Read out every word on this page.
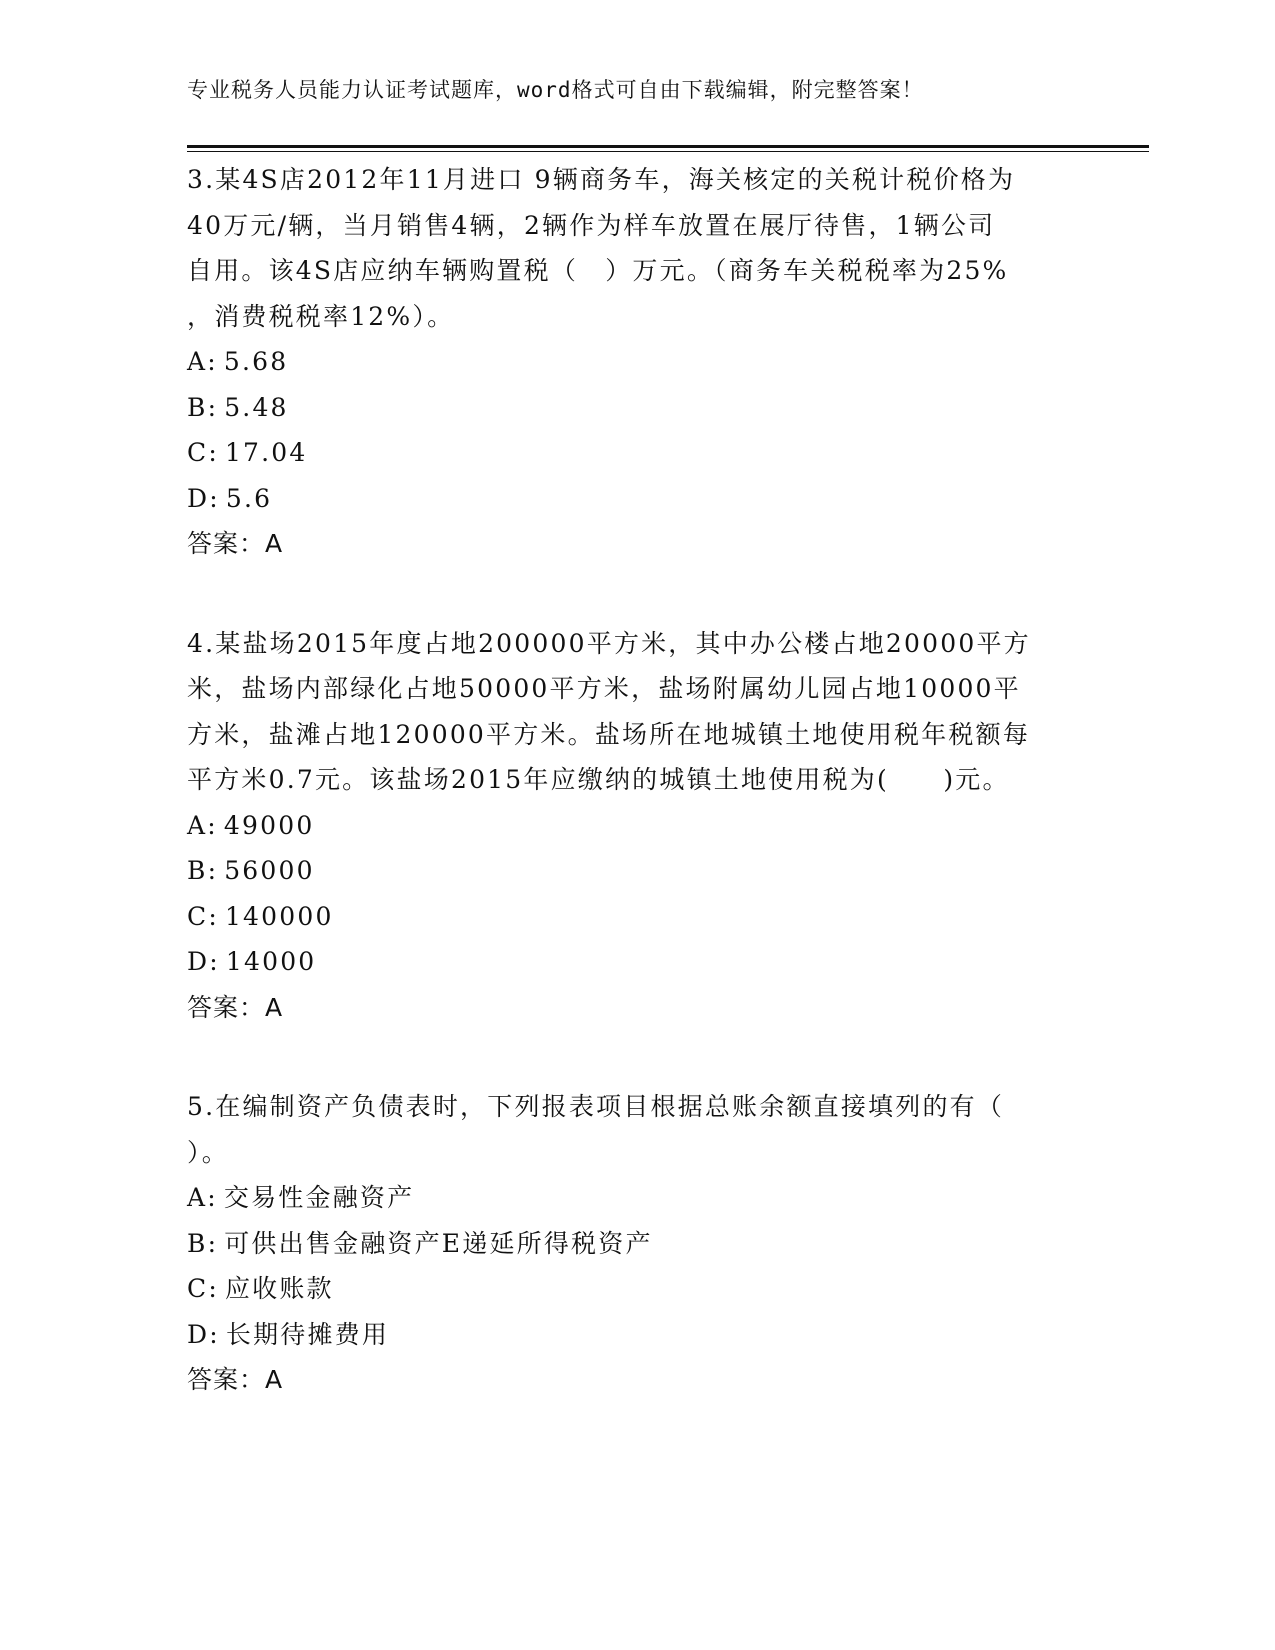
专业税务人员能力认证考试题库，word格式可自由下载编辑，附完整答案！

3.某4S店2012年11月进口 9辆商务车，海关核定的关税计税价格为
40万元/辆，当月销售4辆，2辆作为样车放置在展厅待售，1辆公司
自用。该4S店应纳车辆购置税（　）万元。（商务车关税税率为25%
，消费税税率12%）。

A: 5.68

B: 5.48

C: 17.04

D: 5.6

答案：A

4.某盐场2015年度占地200000平方米，其中办公楼占地20000平方
米，盐场内部绿化占地50000平方米，盐场附属幼儿园占地10000平
方米，盐滩占地120000平方米。盐场所在地城镇土地使用税年税额每
平方米0.7元。该盐场2015年应缴纳的城镇土地使用税为(　　)元。

A: 49000

B: 56000

C: 140000

D: 14000

答案：A

5.在编制资产负债表时，下列报表项目根据总账余额直接填列的有（
）。

A: 交易性金融资产

B: 可供出售金融资产E递延所得税资产

C: 应收账款

D: 长期待摊费用

答案：A
